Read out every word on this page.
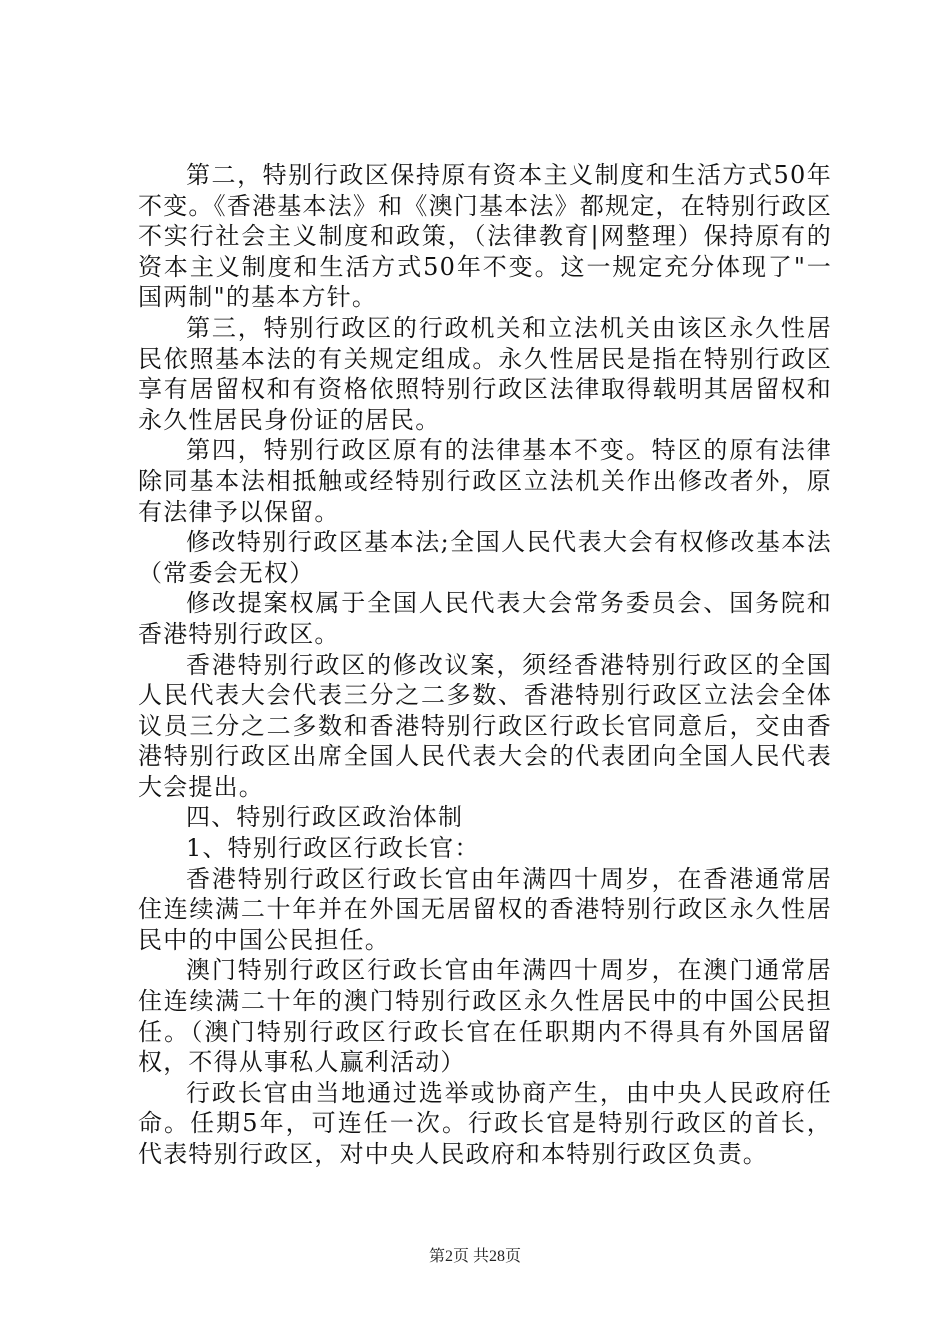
第二，特别行政区保持原有资本主义制度和生活方式50年不变。《香港基本法》和《澳门基本法》都规定，在特别行政区不实行社会主义制度和政策，（法律教育|网整理）保持原有的资本主义制度和生活方式50年不变。这一规定充分体现了"一国两制"的基本方针。

第三，特别行政区的行政机关和立法机关由该区永久性居民依照基本法的有关规定组成。永久性居民是指在特别行政区享有居留权和有资格依照特别行政区法律取得载明其居留权和永久性居民身份证的居民。

第四，特别行政区原有的法律基本不变。特区的原有法律除同基本法相抵触或经特别行政区立法机关作出修改者外，原有法律予以保留。

修改特别行政区基本法;全国人民代表大会有权修改基本法（常委会无权）

修改提案权属于全国人民代表大会常务委员会、国务院和香港特别行政区。

香港特别行政区的修改议案，须经香港特别行政区的全国人民代表大会代表三分之二多数、香港特别行政区立法会全体议员三分之二多数和香港特别行政区行政长官同意后，交由香港特别行政区出席全国人民代表大会的代表团向全国人民代表大会提出。

四、特别行政区政治体制

1、特别行政区行政长官：

香港特别行政区行政长官由年满四十周岁，在香港通常居住连续满二十年并在外国无居留权的香港特别行政区永久性居民中的中国公民担任。

澳门特别行政区行政长官由年满四十周岁，在澳门通常居住连续满二十年的澳门特别行政区永久性居民中的中国公民担任。（澳门特别行政区行政长官在任职期内不得具有外国居留权，不得从事私人赢利活动）

行政长官由当地通过选举或协商产生，由中央人民政府任命。任期5年，可连任一次。行政长官是特别行政区的首长，代表特别行政区，对中央人民政府和本特别行政区负责。

第2页 共28页
